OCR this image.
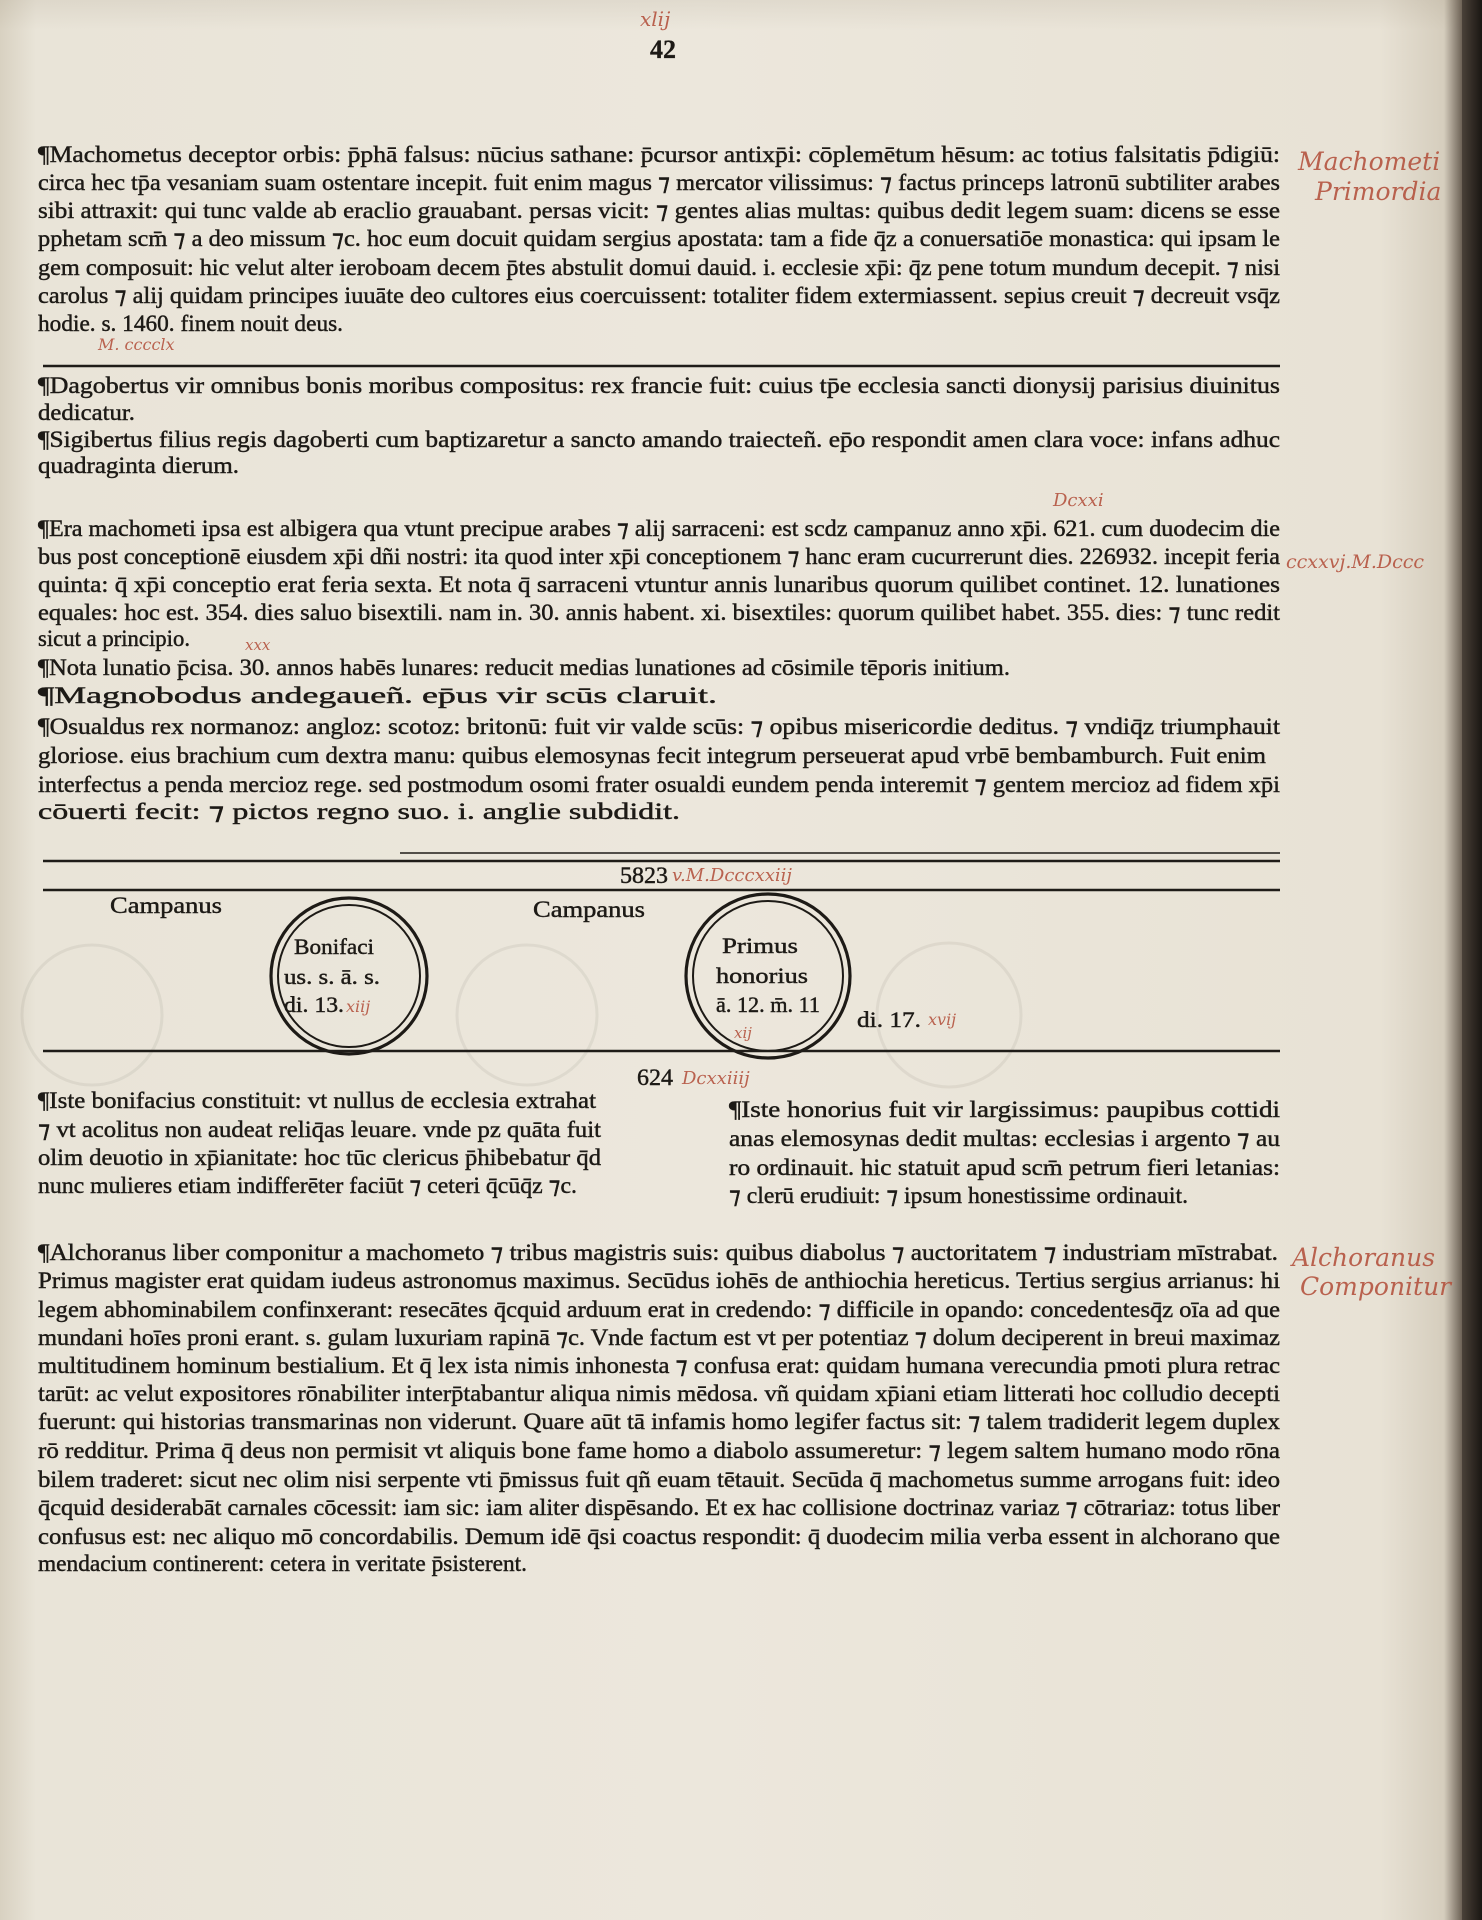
xlij
42
¶Machometus deceptor orbis: p̄phā falsus: nūcius sathane: p̄cursor antixp̄i: cōplemētum hēsum: ac totius falsitatis p̄digiū:
circa hec tp̄a vesaniam suam ostentare incepit. fuit enim magus ⁊ mercator vilissimus: ⁊ factus princeps latronū subtiliter arabes
sibi attraxit: qui tunc valde ab eraclio grauabant. persas vicit: ⁊ gentes alias multas: quibus dedit legem suam: dicens se esse
pphetam scm̄ ⁊ a deo missum ⁊c. hoc eum docuit quidam sergius apostata: tam a fide q̄z a conuersatiōe monastica: qui ipsam le
gem composuit: hic velut alter ieroboam decem p̄tes abstulit domui dauid. i. ecclesie xp̄i: q̄z pene totum mundum decepit. ⁊ nisi
carolus ⁊ alij quidam principes iuuāte deo cultores eius coercuissent: totaliter fidem extermiassent. sepius creuit ⁊ decreuit vsq̄z
hodie. s. 1460. finem nouit deus.
Machometi
Primordia
M. cccclx
¶Dagobertus vir omnibus bonis moribus compositus: rex francie fuit: cuius tp̄e ecclesia sancti dionysij parisius diuinitus
dedicatur.
¶Sigibertus filius regis dagoberti cum baptizaretur a sancto amando traiecteñ. ep̄o respondit amen clara voce: infans adhuc
quadraginta dierum.
Dcxxi
¶Era machometi ipsa est albigera qua vtunt precipue arabes ⁊ alij sarraceni: est scdz campanuz anno xp̄i. 621. cum duodecim die
bus post conceptionē eiusdem xp̄i dñi nostri: ita quod inter xp̄i conceptionem ⁊ hanc eram cucurrerunt dies. 226932. incepit feria
quinta: q̄ xp̄i conceptio erat feria sexta. Et nota q̄ sarraceni vtuntur annis lunaribus quorum quilibet continet. 12. lunationes
equales: hoc est. 354. dies saluo bisextili. nam in. 30. annis habent. xi. bisextiles: quorum quilibet habet. 355. dies: ⁊ tunc redit
sicut a principio.
ccxxvj.M.Dccc
xxx
¶Nota lunatio p̄cisa. 30. annos habēs lunares: reducit medias lunationes ad cōsimile tēporis initium.
¶Magnobodus andegaueñ. ep̄us vir scūs claruit.
¶Osualdus rex normanoz: angloz: scotoz: britonū: fuit vir valde scūs: ⁊ opibus misericordie deditus. ⁊ vndiq̄z triumphauit
gloriose. eius brachium cum dextra manu: quibus elemosynas fecit integrum perseuerat apud vrbē bembamburch. Fuit enim
interfectus a penda mercioz rege. sed postmodum osomi frater osualdi eundem penda interemit ⁊ gentem mercioz ad fidem xp̄i
cōuerti fecit: ⁊ pictos regno suo. i. anglie subdidit.
5823 v.M.Dcccxxiij
Campanus	Campanus
Bonifaci
us. s. ā. s.
di. 13. xiij
Primus
honorius
ā. 12. m̄. 11
xij
di. 17. xvij
624 Dcxxiiij
¶Iste bonifacius constituit: vt nullus de ecclesia extrahat
⁊ vt acolitus non audeat reliq̄as leuare. vnde pz quāta fuit
olim deuotio in xp̄ianitate: hoc tūc clericus p̄hibebatur q̄d
nunc mulieres etiam indifferēter faciūt ⁊ ceteri q̄cūq̄z ⁊c.
¶Iste honorius fuit vir largissimus: paupibus cottidi
anas elemosynas dedit multas: ecclesias i argento ⁊ au
ro ordinauit. hic statuit apud scm̄ petrum fieri letanias:
⁊ clerū erudiuit: ⁊ ipsum honestissime ordinauit.
¶Alchoranus liber componitur a machometo ⁊ tribus magistris suis: quibus diabolus ⁊ auctoritatem ⁊ industriam mīstrabat.
Primus magister erat quidam iudeus astronomus maximus. Secūdus iohēs de anthiochia hereticus. Tertius sergius arrianus: hi
legem abhominabilem confinxerant: resecātes q̄cquid arduum erat in credendo: ⁊ difficile in opando: concedentesq̄z oīa ad que
mundani hoīes proni erant. s. gulam luxuriam rapinā ⁊c. Vnde factum est vt per potentiaz ⁊ dolum deciperent in breui maximaz
multitudinem hominum bestialium. Et q̄ lex ista nimis inhonesta ⁊ confusa erat: quidam humana verecundia pmoti plura retrac
tarūt: ac velut expositores rōnabiliter interp̄tabantur aliqua nimis mēdosa. vñ quidam xp̄iani etiam litterati hoc colludio decepti
fuerunt: qui historias transmarinas non viderunt. Quare aūt tā infamis homo legifer factus sit: ⁊ talem tradiderit legem duplex
rō redditur. Prima q̄ deus non permisit vt aliquis bone fame homo a diabolo assumeretur: ⁊ legem saltem humano modo rōna
bilem traderet: sicut nec olim nisi serpente vti p̄missus fuit qñ euam tētauit. Secūda q̄ machometus summe arrogans fuit: ideo
q̄cquid desiderabāt carnales cōcessit: iam sic: iam aliter dispēsando. Et ex hac collisione doctrinaz variaz ⁊ cōtrariaz: totus liber
confusus est: nec aliquo mō concordabilis. Demum idē q̄si coactus respondit: q̄ duodecim milia verba essent in alchorano que
mendacium continerent: cetera in veritate p̄sisterent.
Alchoranus
Componitur
